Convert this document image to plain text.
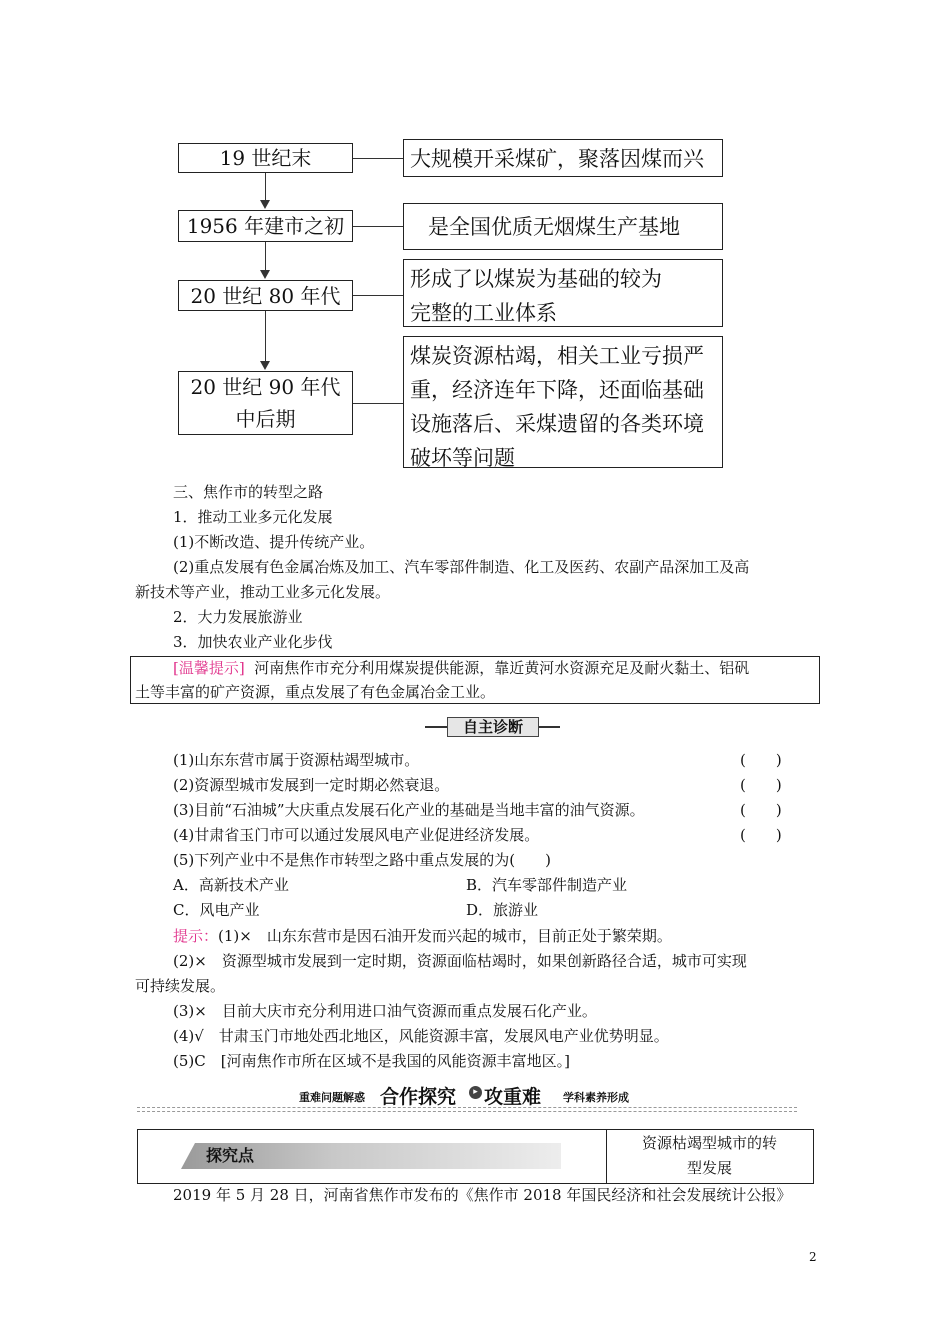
19 世纪末
1956 年建市之初
20 世纪 80 年代
20 世纪 90 年代
中后期
大规模开采煤矿，聚落因煤而兴
是全国优质无烟煤生产基地
形成了以煤炭为基础的较为
完整的工业体系
煤炭资源枯竭，相关工业亏损严
重，经济连年下降，还面临基础
设施落后、采煤遗留的各类环境
破坏等问题
三、焦作市的转型之路
1．推动工业多元化发展
(1)不断改造、提升传统产业。
(2)重点发展有色金属冶炼及加工、汽车零部件制造、化工及医药、农副产品深加工及高
新技术等产业，推动工业多元化发展。
2．大力发展旅游业
3．加快农业产业化步伐
[温馨提示] 河南焦作市充分利用煤炭提供能源，靠近黄河水资源充足及耐火黏土、铝矾
土等丰富的矿产资源，重点发展了有色金属冶金工业。
自主诊断
(1)山东东营市属于资源枯竭型城市。	(　　)
(2)资源型城市发展到一定时期必然衰退。	(　　)
(3)目前“石油城”大庆重点发展石化产业的基础是当地丰富的油气资源。	(　　)
(4)甘肃省玉门市可以通过发展风电产业促进经济发展。	(　　)
(5)下列产业中不是焦作市转型之路中重点发展的为(　　)
A．高新技术产业	B．汽车零部件制造产业
C．风电产业	D．旅游业
提示：(1)×　山东东营市是因石油开发而兴起的城市，目前正处于繁荣期。
(2)×　资源型城市发展到一定时期，资源面临枯竭时，如果创新路径合适，城市可实现
可持续发展。
(3)×　目前大庆市充分利用进口油气资源而重点发展石化产业。
(4)√　甘肃玉门市地处西北地区，风能资源丰富，发展风电产业优势明显。
(5)C　[河南焦作市所在区域不是我国的风能资源丰富地区。]
重难问题解惑 合作探究	▸ 攻重难 学科素养形成
探究点
资源枯竭型城市的转
型发展
2019 年 5 月 28 日，河南省焦作市发布的《焦作市 2018 年国民经济和社会发展统计公报》
2
